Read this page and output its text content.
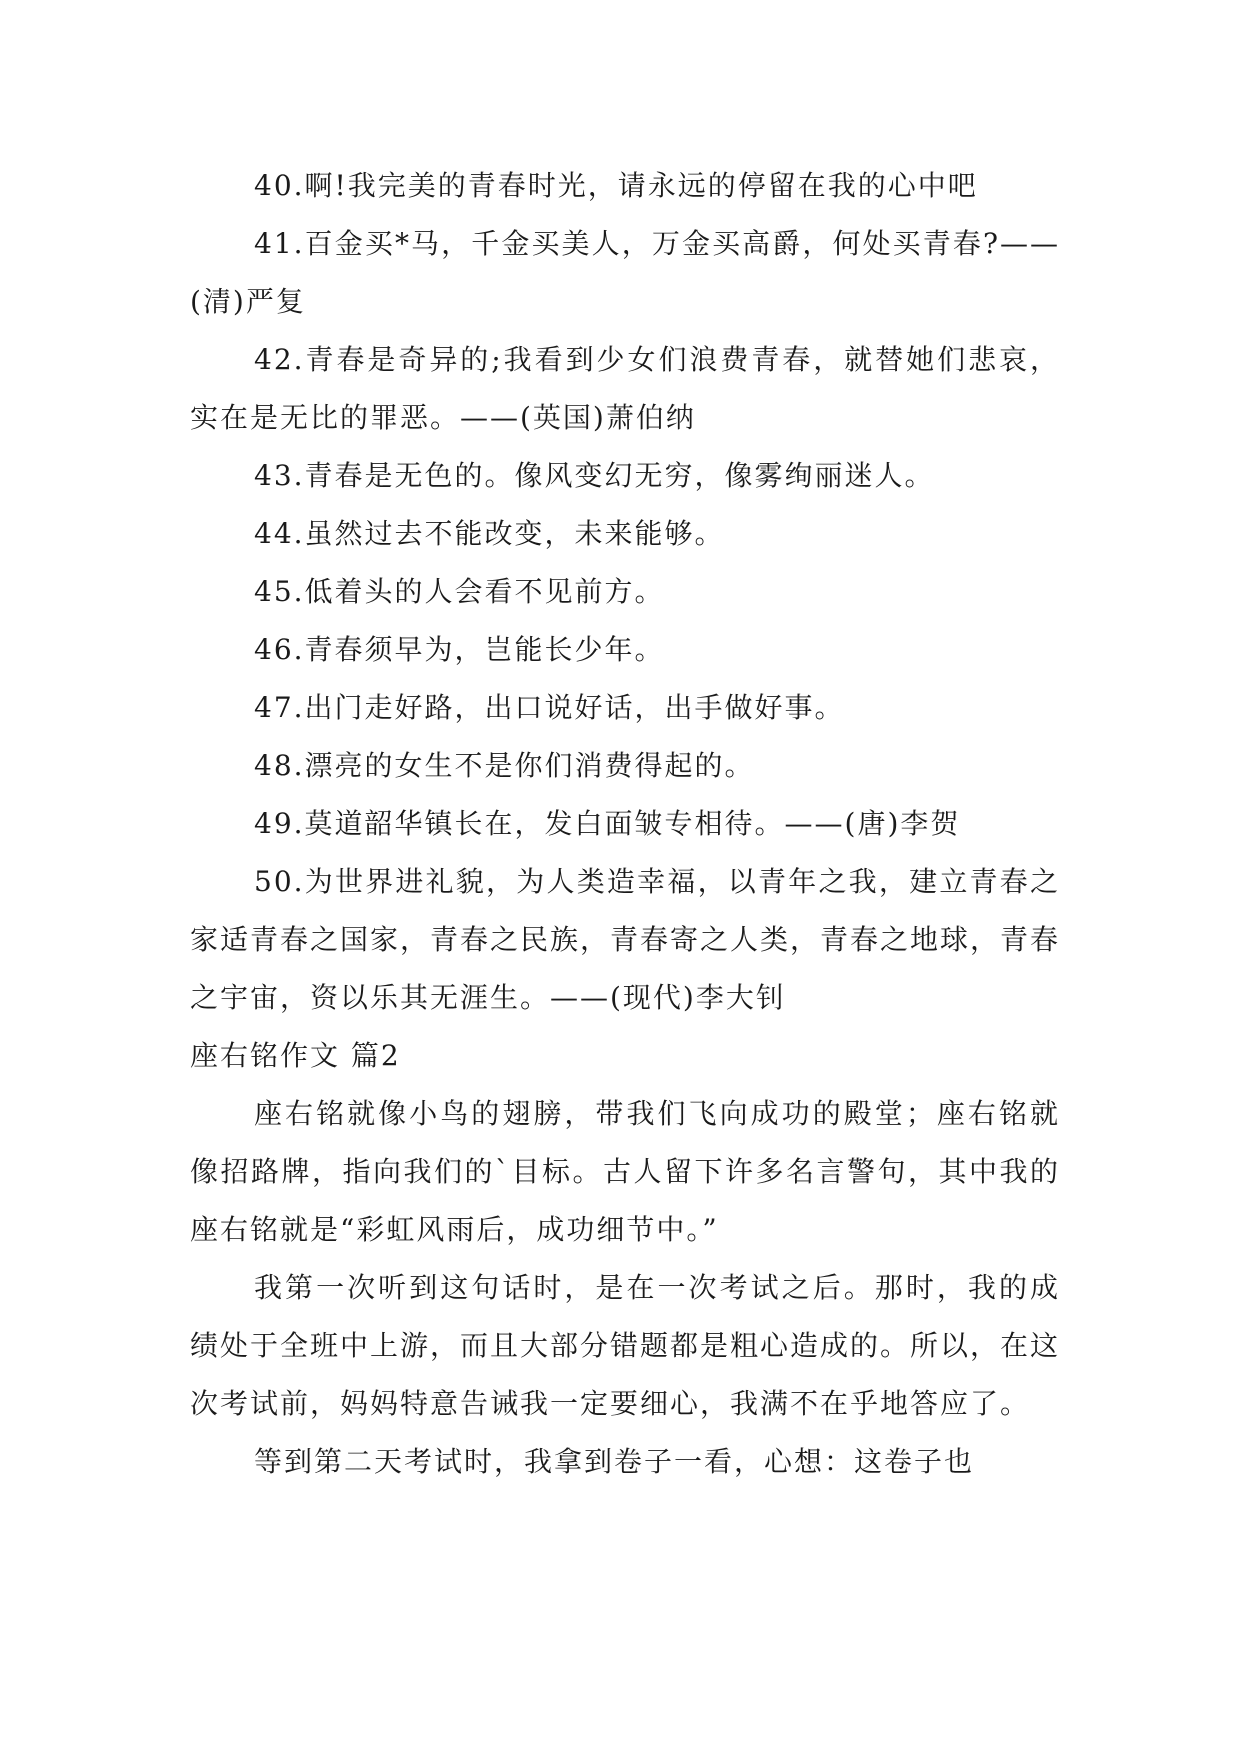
40.啊!我完美的青春时光，请永远的停留在我的心中吧

41.百金买*马，千金买美人，万金买高爵，何处买青春?——(清)严复

42.青春是奇异的;我看到少女们浪费青春，就替她们悲哀，实在是无比的罪恶。——(英国)萧伯纳

43.青春是无色的。像风变幻无穷，像雾绚丽迷人。

44.虽然过去不能改变，未来能够。

45.低着头的人会看不见前方。

46.青春须早为，岂能长少年。

47.出门走好路，出口说好话，出手做好事。

48.漂亮的女生不是你们消费得起的。

49.莫道韶华镇长在，发白面皱专相待。——(唐)李贺

50.为世界进礼貌，为人类造幸福，以青年之我，建立青春之家适青春之国家，青春之民族，青春寄之人类，青春之地球，青春之宇宙，资以乐其无涯生。——(现代)李大钊

座右铭作文 篇2

座右铭就像小鸟的翅膀，带我们飞向成功的殿堂；座右铭就像招路牌，指向我们的`目标。古人留下许多名言警句，其中我的座右铭就是“彩虹风雨后，成功细节中。”

我第一次听到这句话时，是在一次考试之后。那时，我的成绩处于全班中上游，而且大部分错题都是粗心造成的。所以，在这次考试前，妈妈特意告诫我一定要细心，我满不在乎地答应了。

等到第二天考试时，我拿到卷子一看，心想：这卷子也
